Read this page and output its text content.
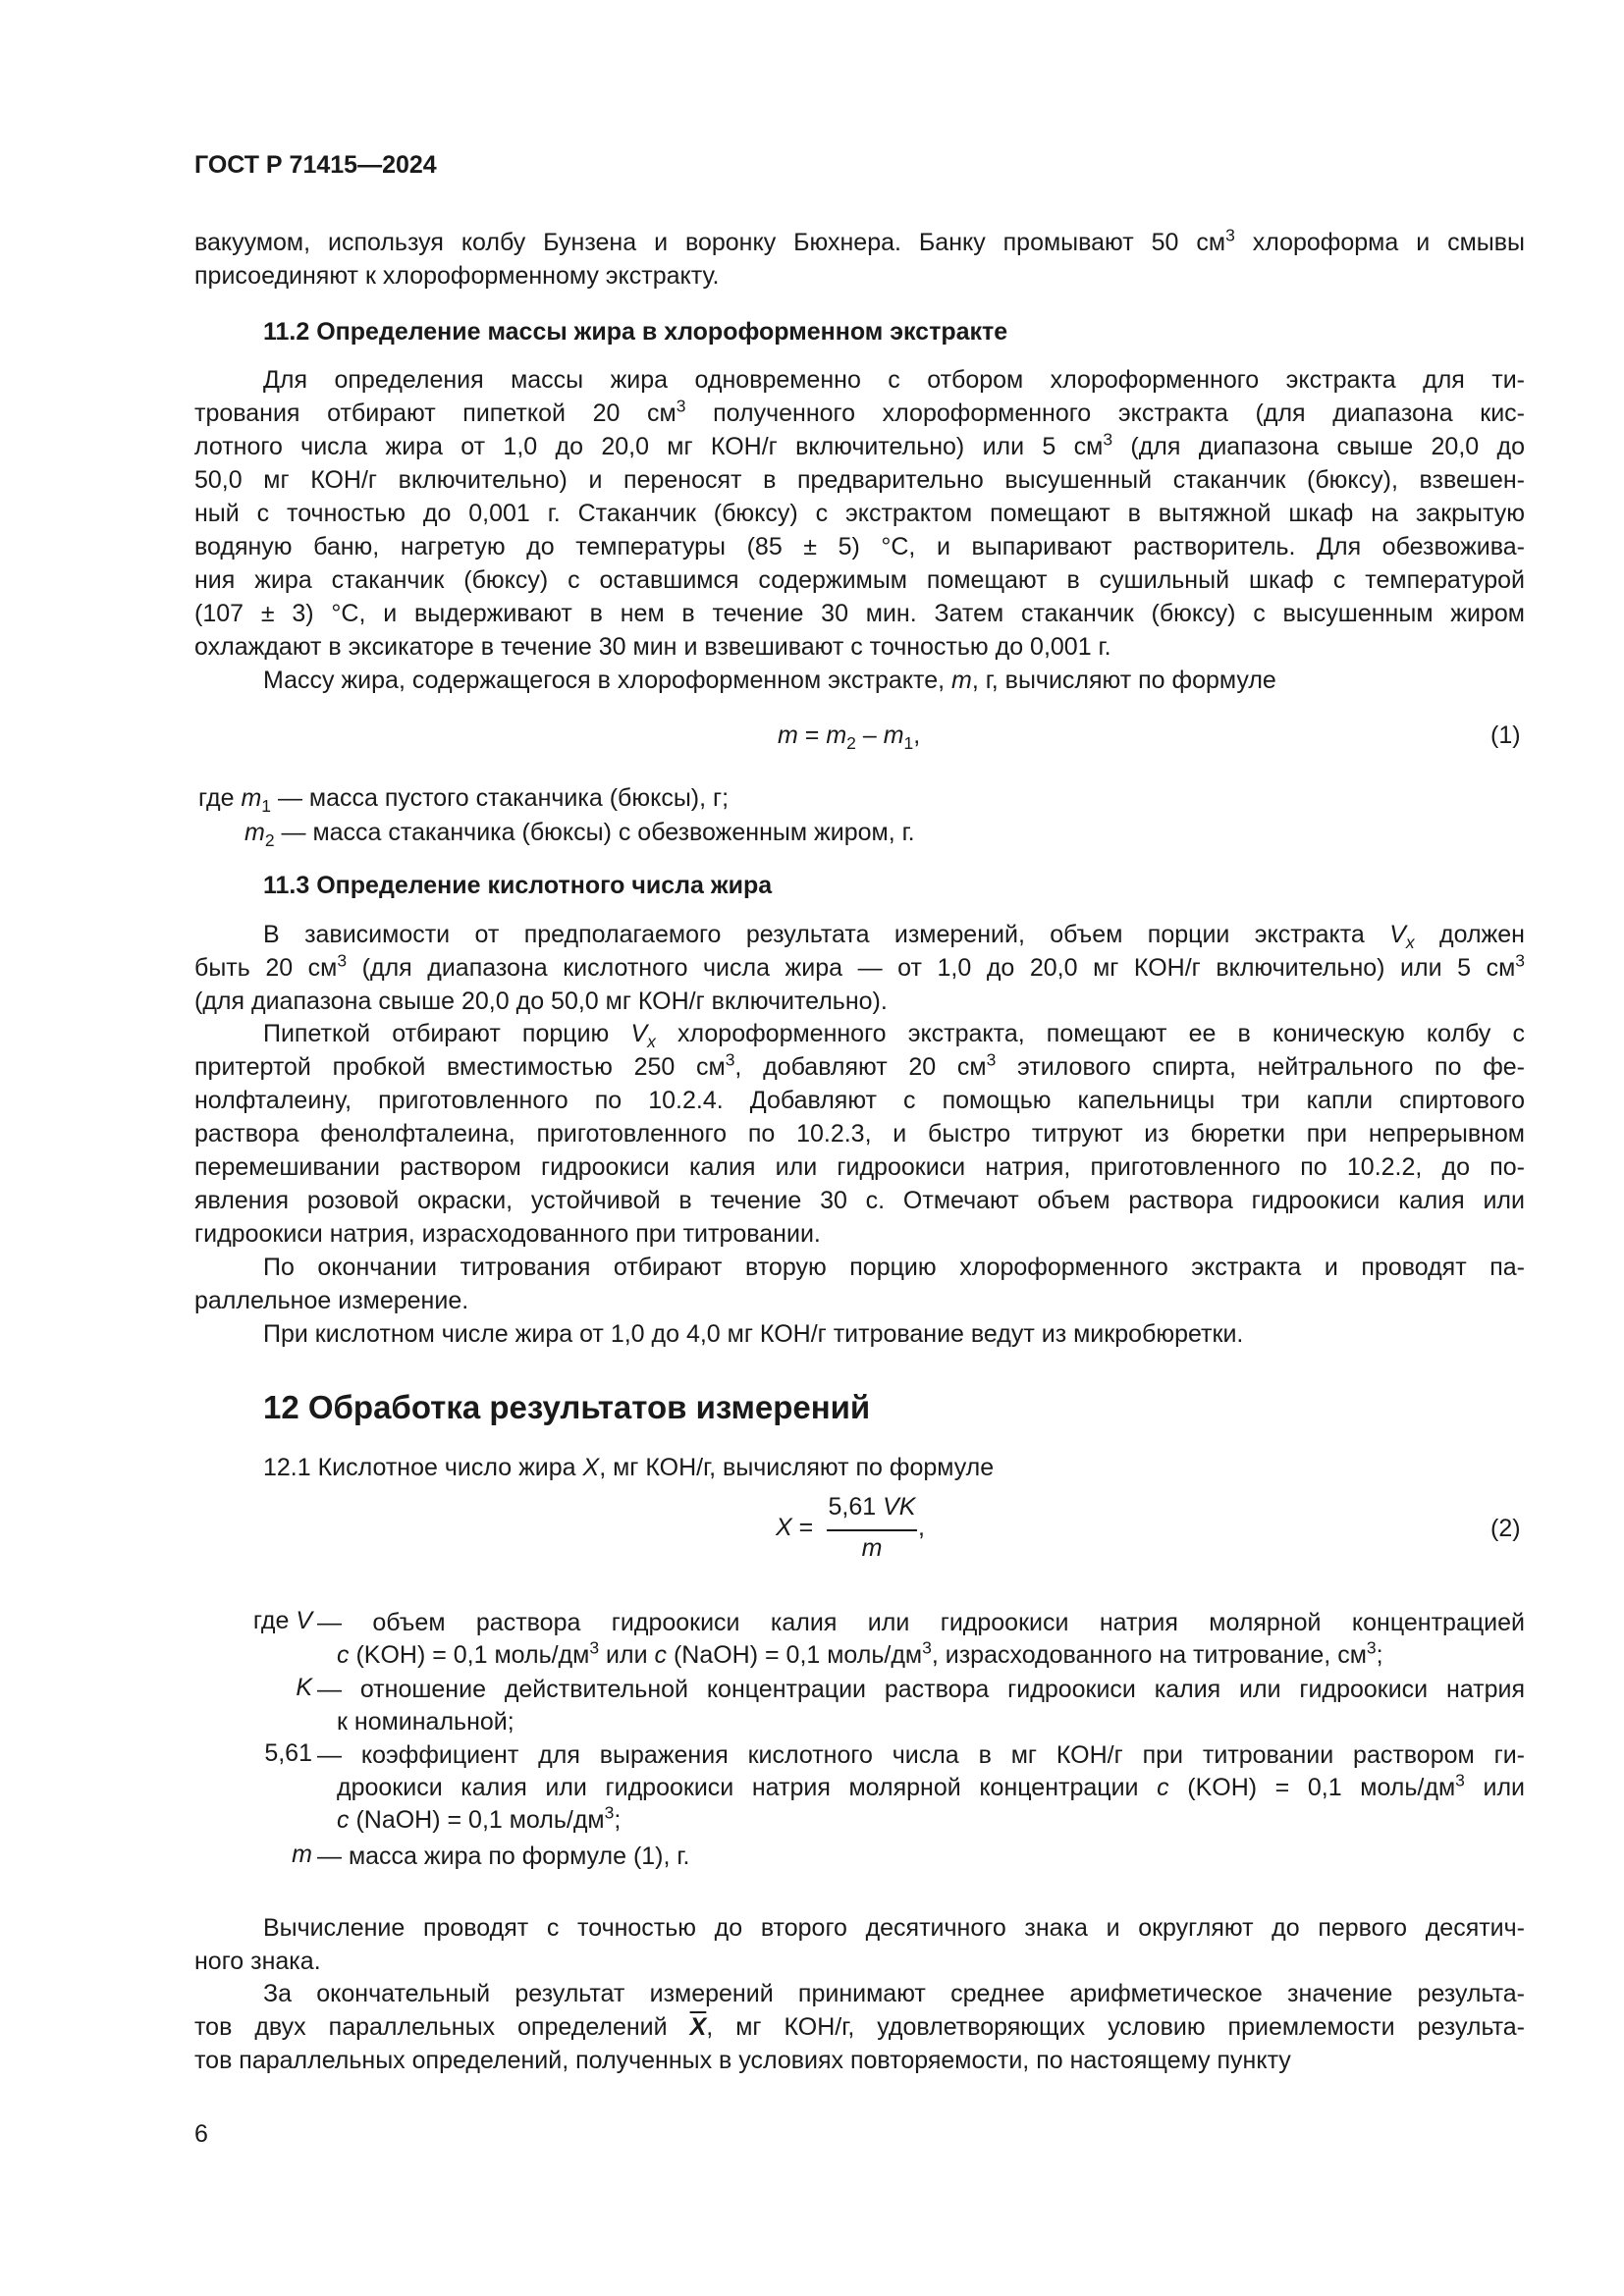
ГОСТ Р 71415—2024
вакуумом, используя колбу Бунзена и воронку Бюхнера. Банку промывают 50 $см^3$ хлороформа и смывы
присоединяют к хлороформенному экстракту.
11.2 Определение массы жира в хлороформенном экстракте
Для определения массы жира одновременно с отбором хлороформенного экстракта для ти-
трования отбирают пипеткой 20 $см^3$ полученного хлороформенного экстракта (для диапазона кис-
лотного числа жира от 1,0 до 20,0 мг КОН/г включительно) или 5 $см^3$ (для диапазона свыше 20,0 до
50,0 мг КОН/г включительно) и переносят в предварительно высушенный стаканчик (бюксу), взвешен-
ный с точностью до 0,001 г. Стаканчик (бюксу) с экстрактом помещают в вытяжной шкаф на закрытую
водяную баню, нагретую до температуры (85 ± 5) °С, и выпаривают растворитель. Для обезвожива-
ния жира стаканчик (бюксу) с оставшимся содержимым помещают в сушильный шкаф с температурой
(107 ± 3) °С, и выдерживают в нем в течение 30 мин. Затем стаканчик (бюксу) с высушенным жиром
охлаждают в эксикаторе в течение 30 мин и взвешивают с точностью до 0,001 г.
Массу жира, содержащегося в хлороформенном экстракте, m, г, вычисляют по формуле
$m = m_2 - m_1$,	(1)
где $m_1$ — масса пустого стаканчика (бюксы), г;
$m_2$ — масса стаканчика (бюксы) с обезвоженным жиром, г.
11.3 Определение кислотного числа жира
В зависимости от предполагаемого результата измерений, объем порции экстракта $V_x$ должен
быть 20 $см^3$ (для диапазона кислотного числа жира — от 1,0 до 20,0 мг КОН/г включительно) или 5 $см^3$
(для диапазона свыше 20,0 до 50,0 мг КОН/г включительно).
Пипеткой отбирают порцию $V_x$ хлороформенного экстракта, помещают ее в коническую колбу с
притертой пробкой вместимостью 250 $см^3$, добавляют 20 $см^3$ этилового спирта, нейтрального по фе-
нолфталеину, приготовленного по 10.2.4. Добавляют с помощью капельницы три капли спиртового
раствора фенолфталеина, приготовленного по 10.2.3, и быстро титруют из бюретки при непрерывном
перемешивании раствором гидроокиси калия или гидроокиси натрия, приготовленного по 10.2.2, до по-
явления розовой окраски, устойчивой в течение 30 с. Отмечают объем раствора гидроокиси калия или
гидроокиси натрия, израсходованного при титровании.
По окончании титрования отбирают вторую порцию хлороформенного экстракта и проводят па-
раллельное измерение.
При кислотном числе жира от 1,0 до 4,0 мг КОН/г титрование ведут из микробюретки.
12 Обработка результатов измерений
12.1 Кислотное число жира X, мг КОН/г, вычисляют по формуле
X =
5,61 VK
m
,	(2)
где V — объем раствора гидроокиси калия или гидроокиси натрия молярной концентрацией
с (KOH) = 0,1 моль/$дм^3$ или с (NaOH) = 0,1 моль/$дм^3$, израсходованного на титрование, $см^3$;
K — отношение действительной концентрации раствора гидроокиси калия или гидроокиси натрия
к номинальной;
5,61 — коэффициент для выражения кислотного числа в мг КОН/г при титровании раствором ги-
дроокиси калия или гидроокиси натрия молярной концентрации с (KOH) = 0,1 моль/$дм^3$ или
с (NaOH) = 0,1 моль/$дм^3$;
m — масса жира по формуле (1), г.
Вычисление проводят с точностью до второго десятичного знака и округляют до первого десятич-
ного знака.
За окончательный результат измерений принимают среднее арифметическое значение результа-
тов двух параллельных определений $\overline{X}$, мг КОН/г, удовлетворяющих условию приемлемости результа-
тов параллельных определений, полученных в условиях повторяемости, по настоящему пункту
6
